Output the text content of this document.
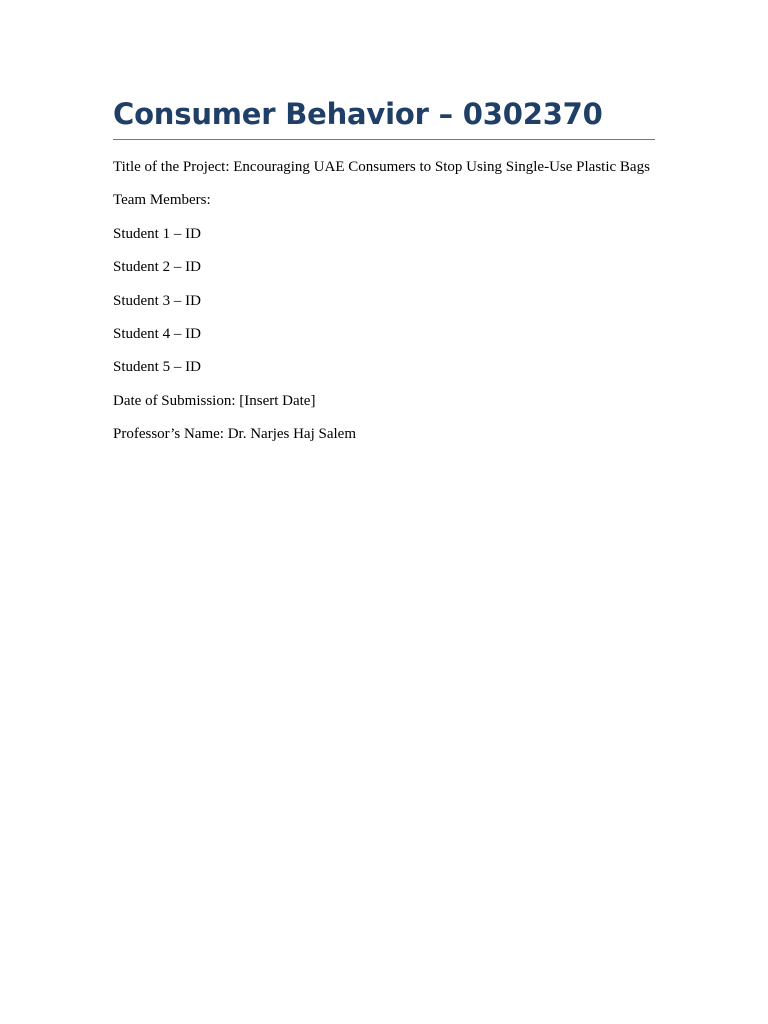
Consumer Behavior – 0302370
Title of the Project: Encouraging UAE Consumers to Stop Using Single-Use Plastic Bags
Team Members:
Student 1 – ID
Student 2 – ID
Student 3 – ID
Student 4 – ID
Student 5 – ID
Date of Submission: [Insert Date]
Professor’s Name: Dr. Narjes Haj Salem
